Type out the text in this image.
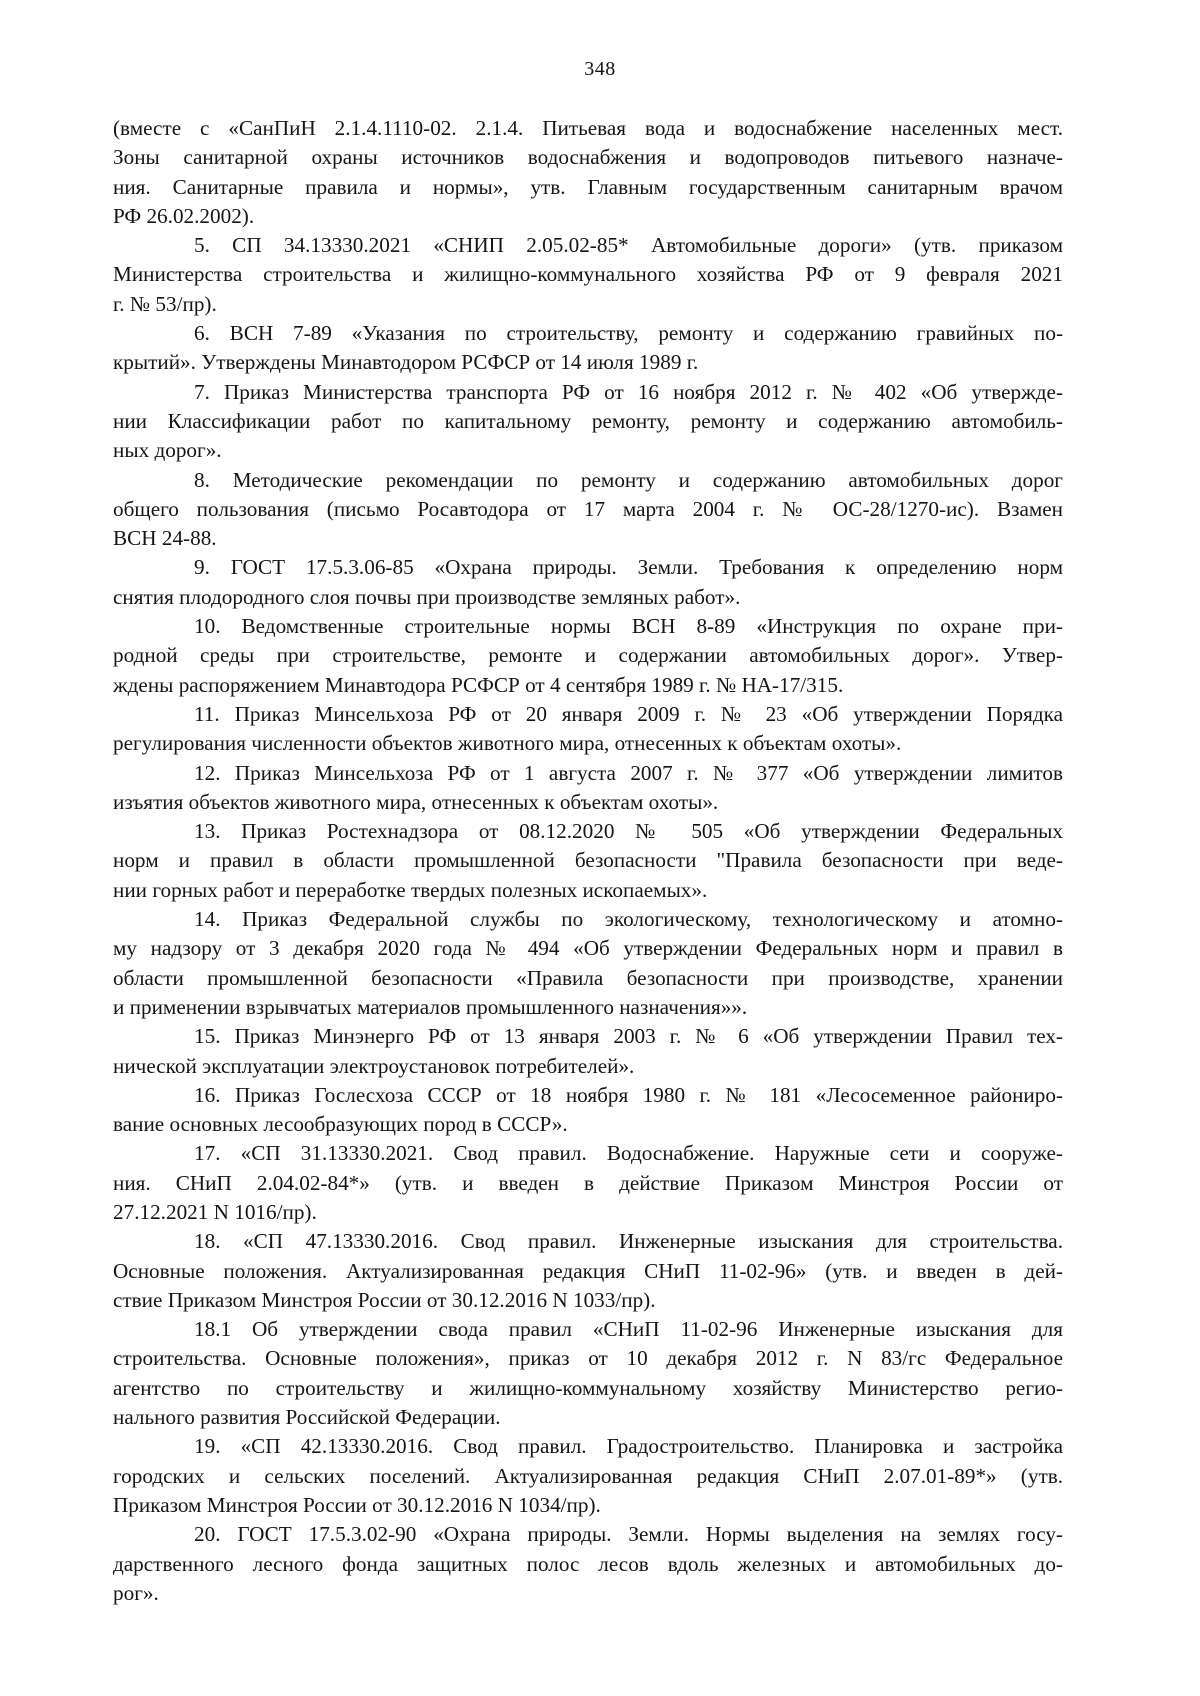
348
(вместе с «СанПиН 2.1.4.1110-02. 2.1.4. Питьевая вода и водоснабжение населенных мест.
Зоны санитарной охраны источников водоснабжения и водопроводов питьевого назначе-
ния. Санитарные правила и нормы», утв. Главным государственным санитарным врачом
РФ 26.02.2002).
5. СП 34.13330.2021 «СНИП 2.05.02-85* Автомобильные дороги» (утв. приказом
Министерства строительства и жилищно-коммунального хозяйства РФ от 9 февраля 2021
г. № 53/пр).
6. ВСН 7-89 «Указания по строительству, ремонту и содержанию гравийных по-
крытий». Утверждены Минавтодором РСФСР от 14 июля 1989 г.
7. Приказ Министерства транспорта РФ от 16 ноября 2012 г. № 402 «Об утвержде-
нии Классификации работ по капитальному ремонту, ремонту и содержанию автомобиль-
ных дорог».
8. Методические рекомендации по ремонту и содержанию автомобильных дорог
общего пользования (письмо Росавтодора от 17 марта 2004 г. № ОС-28/1270-ис). Взамен
ВСН 24-88.
9. ГОСТ 17.5.3.06-85 «Охрана природы. Земли. Требования к определению норм
снятия плодородного слоя почвы при производстве земляных работ».
10. Ведомственные строительные нормы ВСН 8-89 «Инструкция по охране при-
родной среды при строительстве, ремонте и содержании автомобильных дорог». Утвер-
ждены распоряжением Минавтодора РСФСР от 4 сентября 1989 г. № НА-17/315.
11. Приказ Минсельхоза РФ от 20 января 2009 г. № 23 «Об утверждении Порядка
регулирования численности объектов животного мира, отнесенных к объектам охоты».
12. Приказ Минсельхоза РФ от 1 августа 2007 г. № 377 «Об утверждении лимитов
изъятия объектов животного мира, отнесенных к объектам охоты».
13. Приказ Ростехнадзора от 08.12.2020 № 505 «Об утверждении Федеральных
норм и правил в области промышленной безопасности "Правила безопасности при веде-
нии горных работ и переработке твердых полезных ископаемых».
14. Приказ Федеральной службы по экологическому, технологическому и атомно-
му надзору от 3 декабря 2020 года № 494 «Об утверждении Федеральных норм и правил в
области промышленной безопасности «Правила безопасности при производстве, хранении
и применении взрывчатых материалов промышленного назначения»».
15. Приказ Минэнерго РФ от 13 января 2003 г. № 6 «Об утверждении Правил тех-
нической эксплуатации электроустановок потребителей».
16. Приказ Гослесхоза СССР от 18 ноября 1980 г. № 181 «Лесосеменное райониро-
вание основных лесообразующих пород в СССР».
17. «СП 31.13330.2021. Свод правил. Водоснабжение. Наружные сети и сооруже-
ния. СНиП 2.04.02-84*» (утв. и введен в действие Приказом Минстроя России от
27.12.2021 N 1016/пр).
18. «СП 47.13330.2016. Свод правил. Инженерные изыскания для строительства.
Основные положения. Актуализированная редакция СНиП 11-02-96» (утв. и введен в дей-
ствие Приказом Минстроя России от 30.12.2016 N 1033/пр).
18.1 Об утверждении свода правил «СНиП 11-02-96 Инженерные изыскания для
строительства. Основные положения», приказ от 10 декабря 2012 г. N 83/гс Федеральное
агентство по строительству и жилищно-коммунальному хозяйству Министерство регио-
нального развития Российской Федерации.
19. «СП 42.13330.2016. Свод правил. Градостроительство. Планировка и застройка
городских и сельских поселений. Актуализированная редакция СНиП 2.07.01-89*» (утв.
Приказом Минстроя России от 30.12.2016 N 1034/пр).
20. ГОСТ 17.5.3.02-90 «Охрана природы. Земли. Нормы выделения на землях госу-
дарственного лесного фонда защитных полос лесов вдоль железных и автомобильных до-
рог».
